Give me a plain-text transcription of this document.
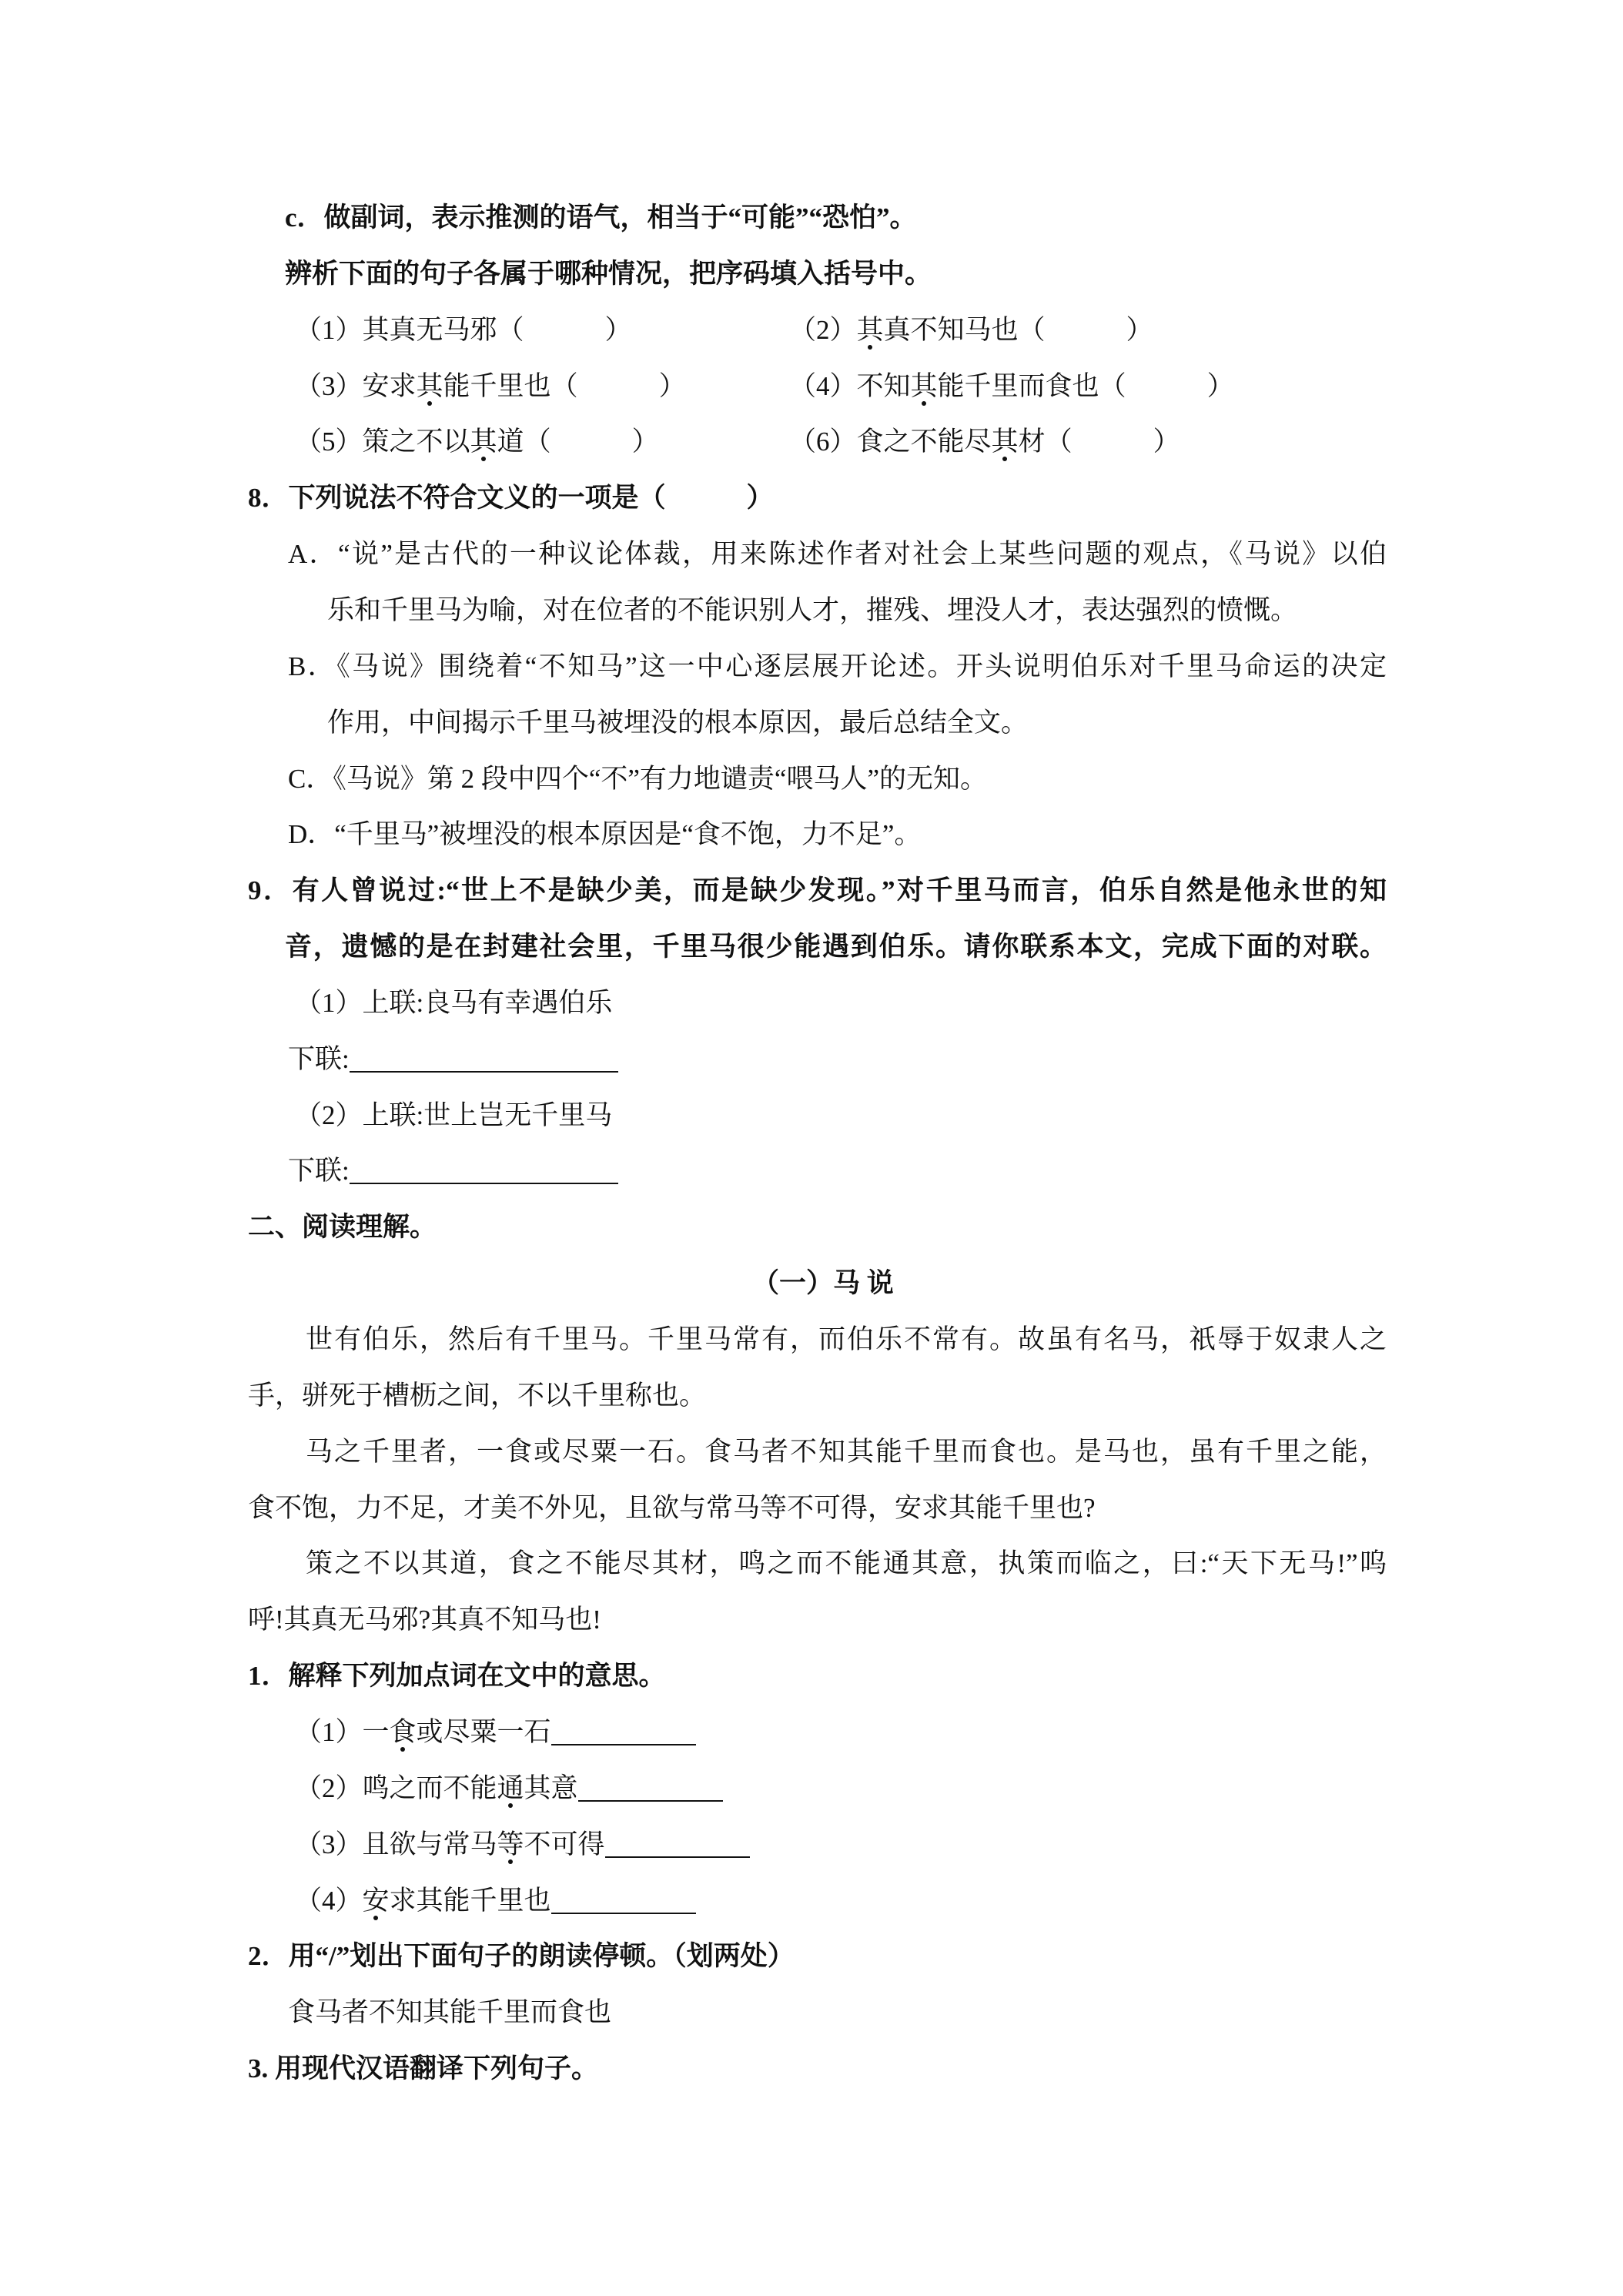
c．做副词，表示推测的语气，相当于“可能”“恐怕”。
辨析下面的句子各属于哪种情况，把序码填入括号中。
（1）其真无马邪（　　　）	（2）其真不知马也（　　　）
（3）安求其能千里也（　　　）	（4）不知其能千里而食也（　　　）
（5）策之不以其道（　　　）	（6）食之不能尽其材（　　　）
8．下列说法不符合文义的一项是（　　　）
A．“说”是古代的一种议论体裁，用来陈述作者对社会上某些问题的观点，《马说》以伯
乐和千里马为喻，对在位者的不能识别人才，摧残、埋没人才，表达强烈的愤慨。
B．《马说》围绕着“不知马”这一中心逐层展开论述。开头说明伯乐对千里马命运的决定
作用，中间揭示千里马被埋没的根本原因，最后总结全文。
C．《马说》第 2 段中四个“不”有力地谴责“喂马人”的无知。
D．“千里马”被埋没的根本原因是“食不饱，力不足”。
9．有人曾说过:“世上不是缺少美，而是缺少发现。”对千里马而言，伯乐自然是他永世的知
音，遗憾的是在封建社会里，千里马很少能遇到伯乐。请你联系本文，完成下面的对联。
（1）上联:良马有幸遇伯乐
下联:
（2）上联:世上岂无千里马
下联:
二、阅读理解。
（一）马 说
世有伯乐，然后有千里马。千里马常有，而伯乐不常有。故虽有名马，祇辱于奴隶人之
手，骈死于槽枥之间，不以千里称也。
马之千里者，一食或尽粟一石。食马者不知其能千里而食也。是马也，虽有千里之能，
食不饱，力不足，才美不外见，且欲与常马等不可得，安求其能千里也?
策之不以其道，食之不能尽其材，鸣之而不能通其意，执策而临之，曰:“天下无马!”呜
呼!其真无马邪?其真不知马也!
1．解释下列加点词在文中的意思。
（1）一食或尽粟一石
（2）鸣之而不能通其意
（3）且欲与常马等不可得
（4）安求其能千里也
2．用“/”划出下面句子的朗读停顿。（划两处）
食马者不知其能千里而食也
3. 用现代汉语翻译下列句子。
